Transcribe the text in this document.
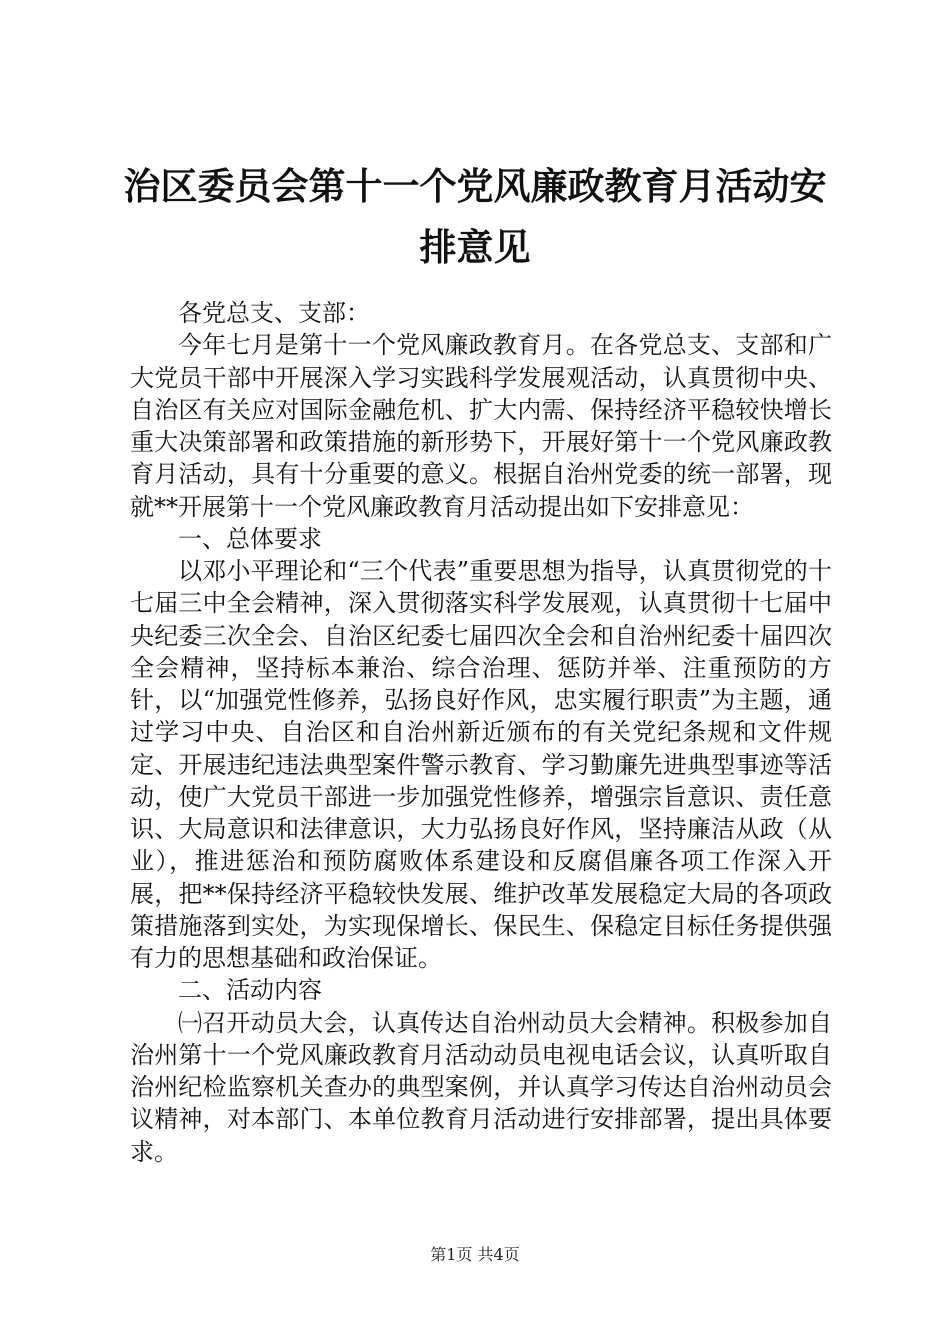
治区委员会第十一个党风廉政教育月活动安排意见

各党总支、支部：

今年七月是第十一个党风廉政教育月。在各党总支、支部和广大党员干部中开展深入学习实践科学发展观活动，认真贯彻中央、自治区有关应对国际金融危机、扩大内需、保持经济平稳较快增长重大决策部署和政策措施的新形势下，开展好第十一个党风廉政教育月活动，具有十分重要的意义。根据自治州党委的统一部署，现就**开展第十一个党风廉政教育月活动提出如下安排意见：

一、总体要求

以邓小平理论和“三个代表”重要思想为指导，认真贯彻党的十七届三中全会精神，深入贯彻落实科学发展观，认真贯彻十七届中央纪委三次全会、自治区纪委七届四次全会和自治州纪委十届四次全会精神，坚持标本兼治、综合治理、惩防并举、注重预防的方针，以“加强党性修养，弘扬良好作风，忠实履行职责”为主题，通过学习中央、自治区和自治州新近颁布的有关党纪条规和文件规定、开展违纪违法典型案件警示教育、学习勤廉先进典型事迹等活动，使广大党员干部进一步加强党性修养，增强宗旨意识、责任意识、大局意识和法律意识，大力弘扬良好作风，坚持廉洁从政（从业），推进惩治和预防腐败体系建设和反腐倡廉各项工作深入开展，把**保持经济平稳较快发展、维护改革发展稳定大局的各项政策措施落到实处，为实现保增长、保民生、保稳定目标任务提供强有力的思想基础和政治保证。

二、活动内容

㈠召开动员大会，认真传达自治州动员大会精神。积极参加自治州第十一个党风廉政教育月活动动员电视电话会议，认真听取自治州纪检监察机关查办的典型案例，并认真学习传达自治州动员会议精神，对本部门、本单位教育月活动进行安排部署，提出具体要求。

第1页 共4页
